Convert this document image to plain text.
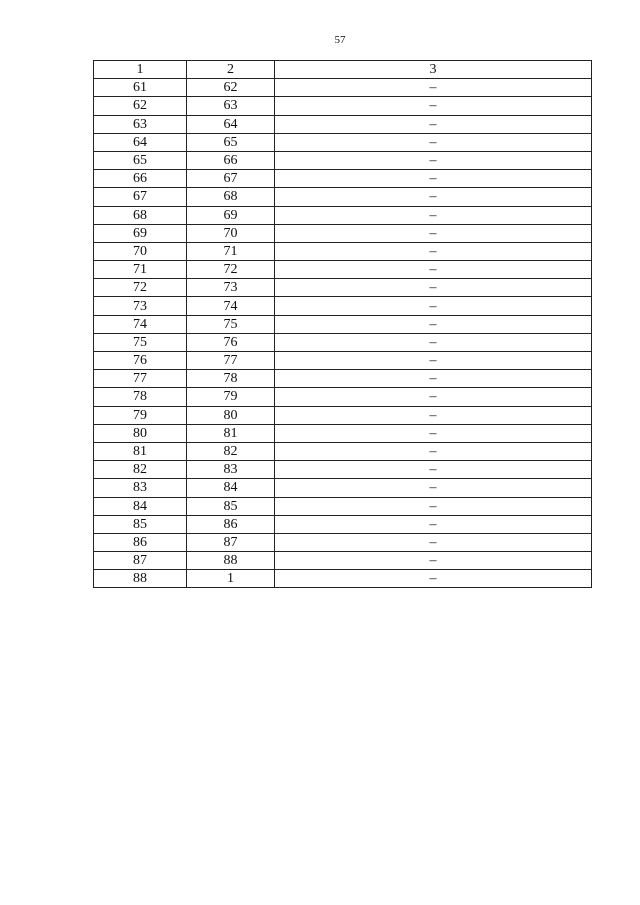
57
1	2	3
61	62	–
62	63	–
63	64	–
64	65	–
65	66	–
66	67	–
67	68	–
68	69	–
69	70	–
70	71	–
71	72	–
72	73	–
73	74	–
74	75	–
75	76	–
76	77	–
77	78	–
78	79	–
79	80	–
80	81	–
81	82	–
82	83	–
83	84	–
84	85	–
85	86	–
86	87	–
87	88	–
88	1	–
